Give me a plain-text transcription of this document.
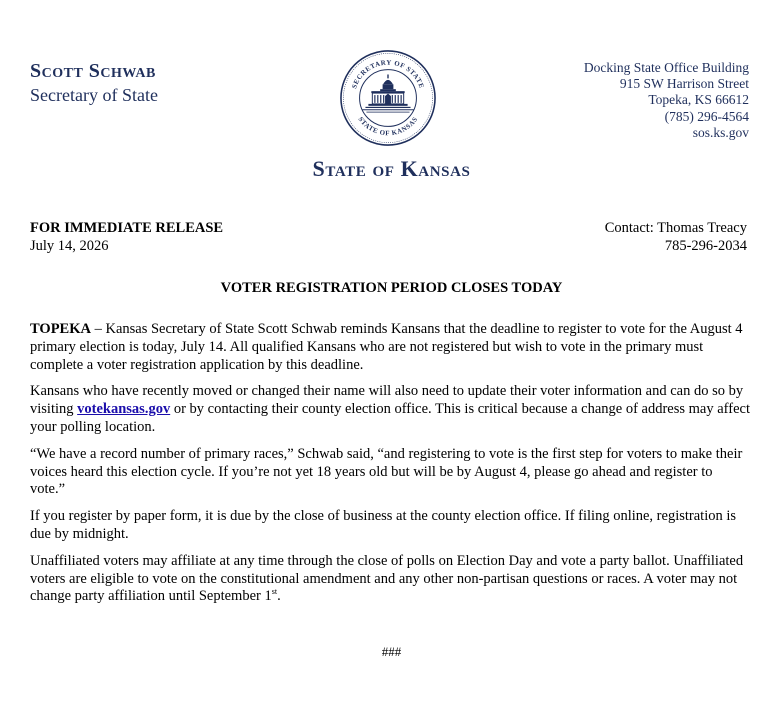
Scott Schwab
Secretary of State	SECRETARY OF STATE
STATE OF KANSAS
State of Kansas
Docking State Office Building
915 SW Harrison Street
Topeka, KS 66612
(785) 296-4564
sos.ks.gov
FOR IMMEDIATE RELEASE
July 14, 2026
Contact: Thomas Treacy
785-296-2034
VOTER REGISTRATION PERIOD CLOSES TODAY

TOPEKA – Kansas Secretary of State Scott Schwab reminds Kansans that the deadline to register to vote for the August 4 primary election is today, July 14. All qualified Kansans who are not registered but wish to vote in the primary must complete a voter registration application by this deadline.

Kansans who have recently moved or changed their name will also need to update their voter information and can do so by visiting votekansas.gov or by contacting their county election office. This is critical because a change of address may affect your polling location.

“We have a record number of primary races,” Schwab said, “and registering to vote is the first step for voters to make their voices heard this election cycle. If you’re not yet 18 years old but will be by August 4, please go ahead and register to vote.”

If you register by paper form, it is due by the close of business at the county election office. If filing online, registration is due by midnight.

Unaffiliated voters may affiliate at any time through the close of polls on Election Day and vote a party ballot. Unaffiliated voters are eligible to vote on the constitutional amendment and any other non-partisan questions or races. A voter may not change party affiliation until September 1st.

###
